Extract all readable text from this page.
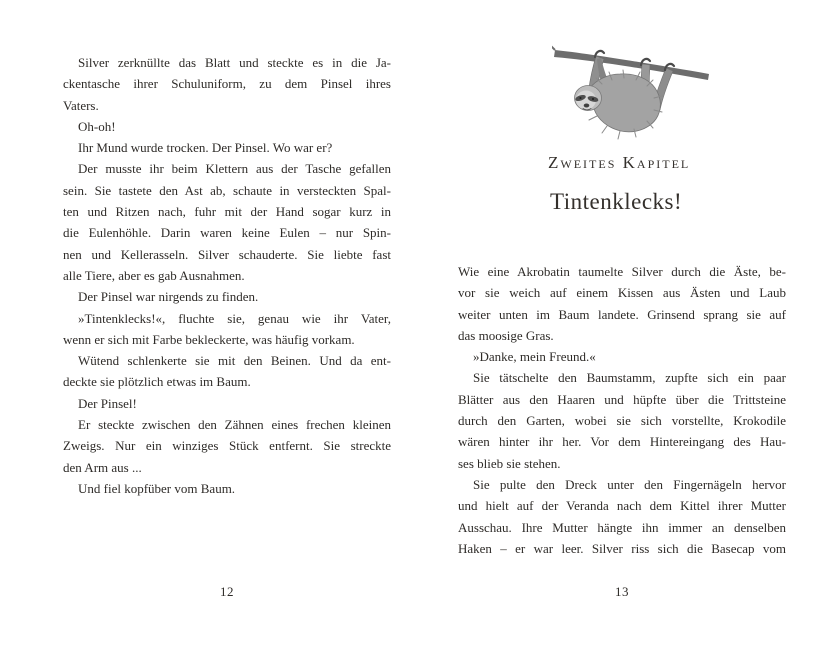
Silver zerknüllte das Blatt und steckte es in die Ja-
ckentasche ihrer Schuluniform, zu dem Pinsel ihres
Vaters.
Oh-oh!
Ihr Mund wurde trocken. Der Pinsel. Wo war er?
Der musste ihr beim Klettern aus der Tasche gefallen
sein. Sie tastete den Ast ab, schaute in versteckten Spal-
ten und Ritzen nach, fuhr mit der Hand sogar kurz in
die Eulenhöhle. Darin waren keine Eulen – nur Spin-
nen und Kellerasseln. Silver schauderte. Sie liebte fast
alle Tiere, aber es gab Ausnahmen.
Der Pinsel war nirgends zu finden.
»Tintenklecks!«, fluchte sie, genau wie ihr Vater,
wenn er sich mit Farbe bekleckerte, was häufig vorkam.
Wütend schlenkerte sie mit den Beinen. Und da ent-
deckte sie plötzlich etwas im Baum.
Der Pinsel!
Er steckte zwischen den Zähnen eines frechen kleinen
Zweigs. Nur ein winziges Stück entfernt. Sie streckte
den Arm aus ...
Und fiel kopfüber vom Baum.
12
Zweites Kapitel
Tintenklecks!
Wie eine Akrobatin taumelte Silver durch die Äste, be-
vor sie weich auf einem Kissen aus Ästen und Laub
weiter unten im Baum landete. Grinsend sprang sie auf
das moosige Gras.
»Danke, mein Freund.«
Sie tätschelte den Baumstamm, zupfte sich ein paar
Blätter aus den Haaren und hüpfte über die Trittsteine
durch den Garten, wobei sie sich vorstellte, Krokodile
wären hinter ihr her. Vor dem Hintereingang des Hau-
ses blieb sie stehen.
Sie pulte den Dreck unter den Fingernägeln hervor
und hielt auf der Veranda nach dem Kittel ihrer Mutter
Ausschau. Ihre Mutter hängte ihn immer an denselben
Haken – er war leer. Silver riss sich die Basecap vom
13
